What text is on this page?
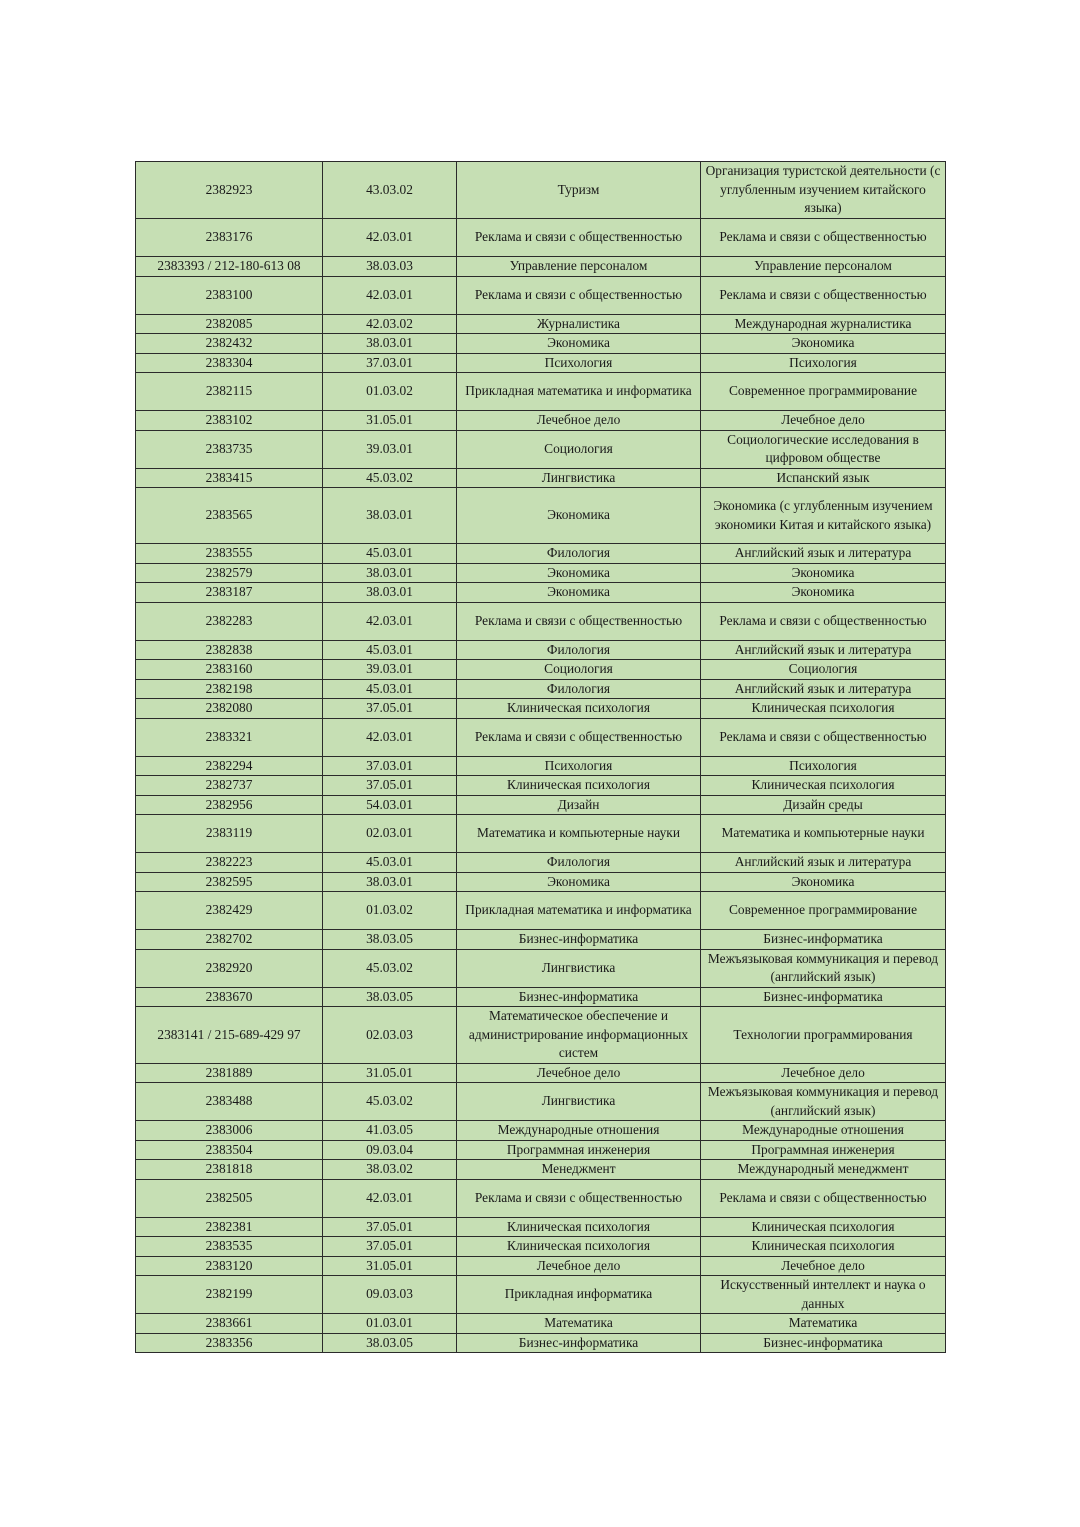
2382923	43.03.02	Туризм	Организация туристской деятельности (с углубленным изучением китайского языка)
2383176	42.03.01	Реклама и связи с общественностью	Реклама и связи с общественностью
2383393 / 212-180-613 08	38.03.03	Управление персоналом	Управление персоналом
2383100	42.03.01	Реклама и связи с общественностью	Реклама и связи с общественностью
2382085	42.03.02	Журналистика	Международная журналистика
2382432	38.03.01	Экономика	Экономика
2383304	37.03.01	Психология	Психология
2382115	01.03.02	Прикладная математика и информатика	Современное программирование
2383102	31.05.01	Лечебное дело	Лечебное дело
2383735	39.03.01	Социология	Социологические исследования в цифровом обществе
2383415	45.03.02	Лингвистика	Испанский язык
2383565	38.03.01	Экономика	Экономика (с углубленным изучением экономики Китая и китайского языка)
2383555	45.03.01	Филология	Английский язык и литература
2382579	38.03.01	Экономика	Экономика
2383187	38.03.01	Экономика	Экономика
2382283	42.03.01	Реклама и связи с общественностью	Реклама и связи с общественностью
2382838	45.03.01	Филология	Английский язык и литература
2383160	39.03.01	Социология	Социология
2382198	45.03.01	Филология	Английский язык и литература
2382080	37.05.01	Клиническая психология	Клиническая психология
2383321	42.03.01	Реклама и связи с общественностью	Реклама и связи с общественностью
2382294	37.03.01	Психология	Психология
2382737	37.05.01	Клиническая психология	Клиническая психология
2382956	54.03.01	Дизайн	Дизайн среды
2383119	02.03.01	Математика и компьютерные науки	Математика и компьютерные науки
2382223	45.03.01	Филология	Английский язык и литература
2382595	38.03.01	Экономика	Экономика
2382429	01.03.02	Прикладная математика и информатика	Современное программирование
2382702	38.03.05	Бизнес-информатика	Бизнес-информатика
2382920	45.03.02	Лингвистика	Межъязыковая коммуникация и перевод (английский язык)
2383670	38.03.05	Бизнес-информатика	Бизнес-информатика
2383141 / 215-689-429 97	02.03.03	Математическое обеспечение и администрирование информационных систем	Технологии программирования
2381889	31.05.01	Лечебное дело	Лечебное дело
2383488	45.03.02	Лингвистика	Межъязыковая коммуникация и перевод (английский язык)
2383006	41.03.05	Международные отношения	Международные отношения
2383504	09.03.04	Программная инженерия	Программная инженерия
2381818	38.03.02	Менеджмент	Международный менеджмент
2382505	42.03.01	Реклама и связи с общественностью	Реклама и связи с общественностью
2382381	37.05.01	Клиническая психология	Клиническая психология
2383535	37.05.01	Клиническая психология	Клиническая психология
2383120	31.05.01	Лечебное дело	Лечебное дело
2382199	09.03.03	Прикладная информатика	Искусственный интеллект и наука о данных
2383661	01.03.01	Математика	Математика
2383356	38.03.05	Бизнес-информатика	Бизнес-информатика
